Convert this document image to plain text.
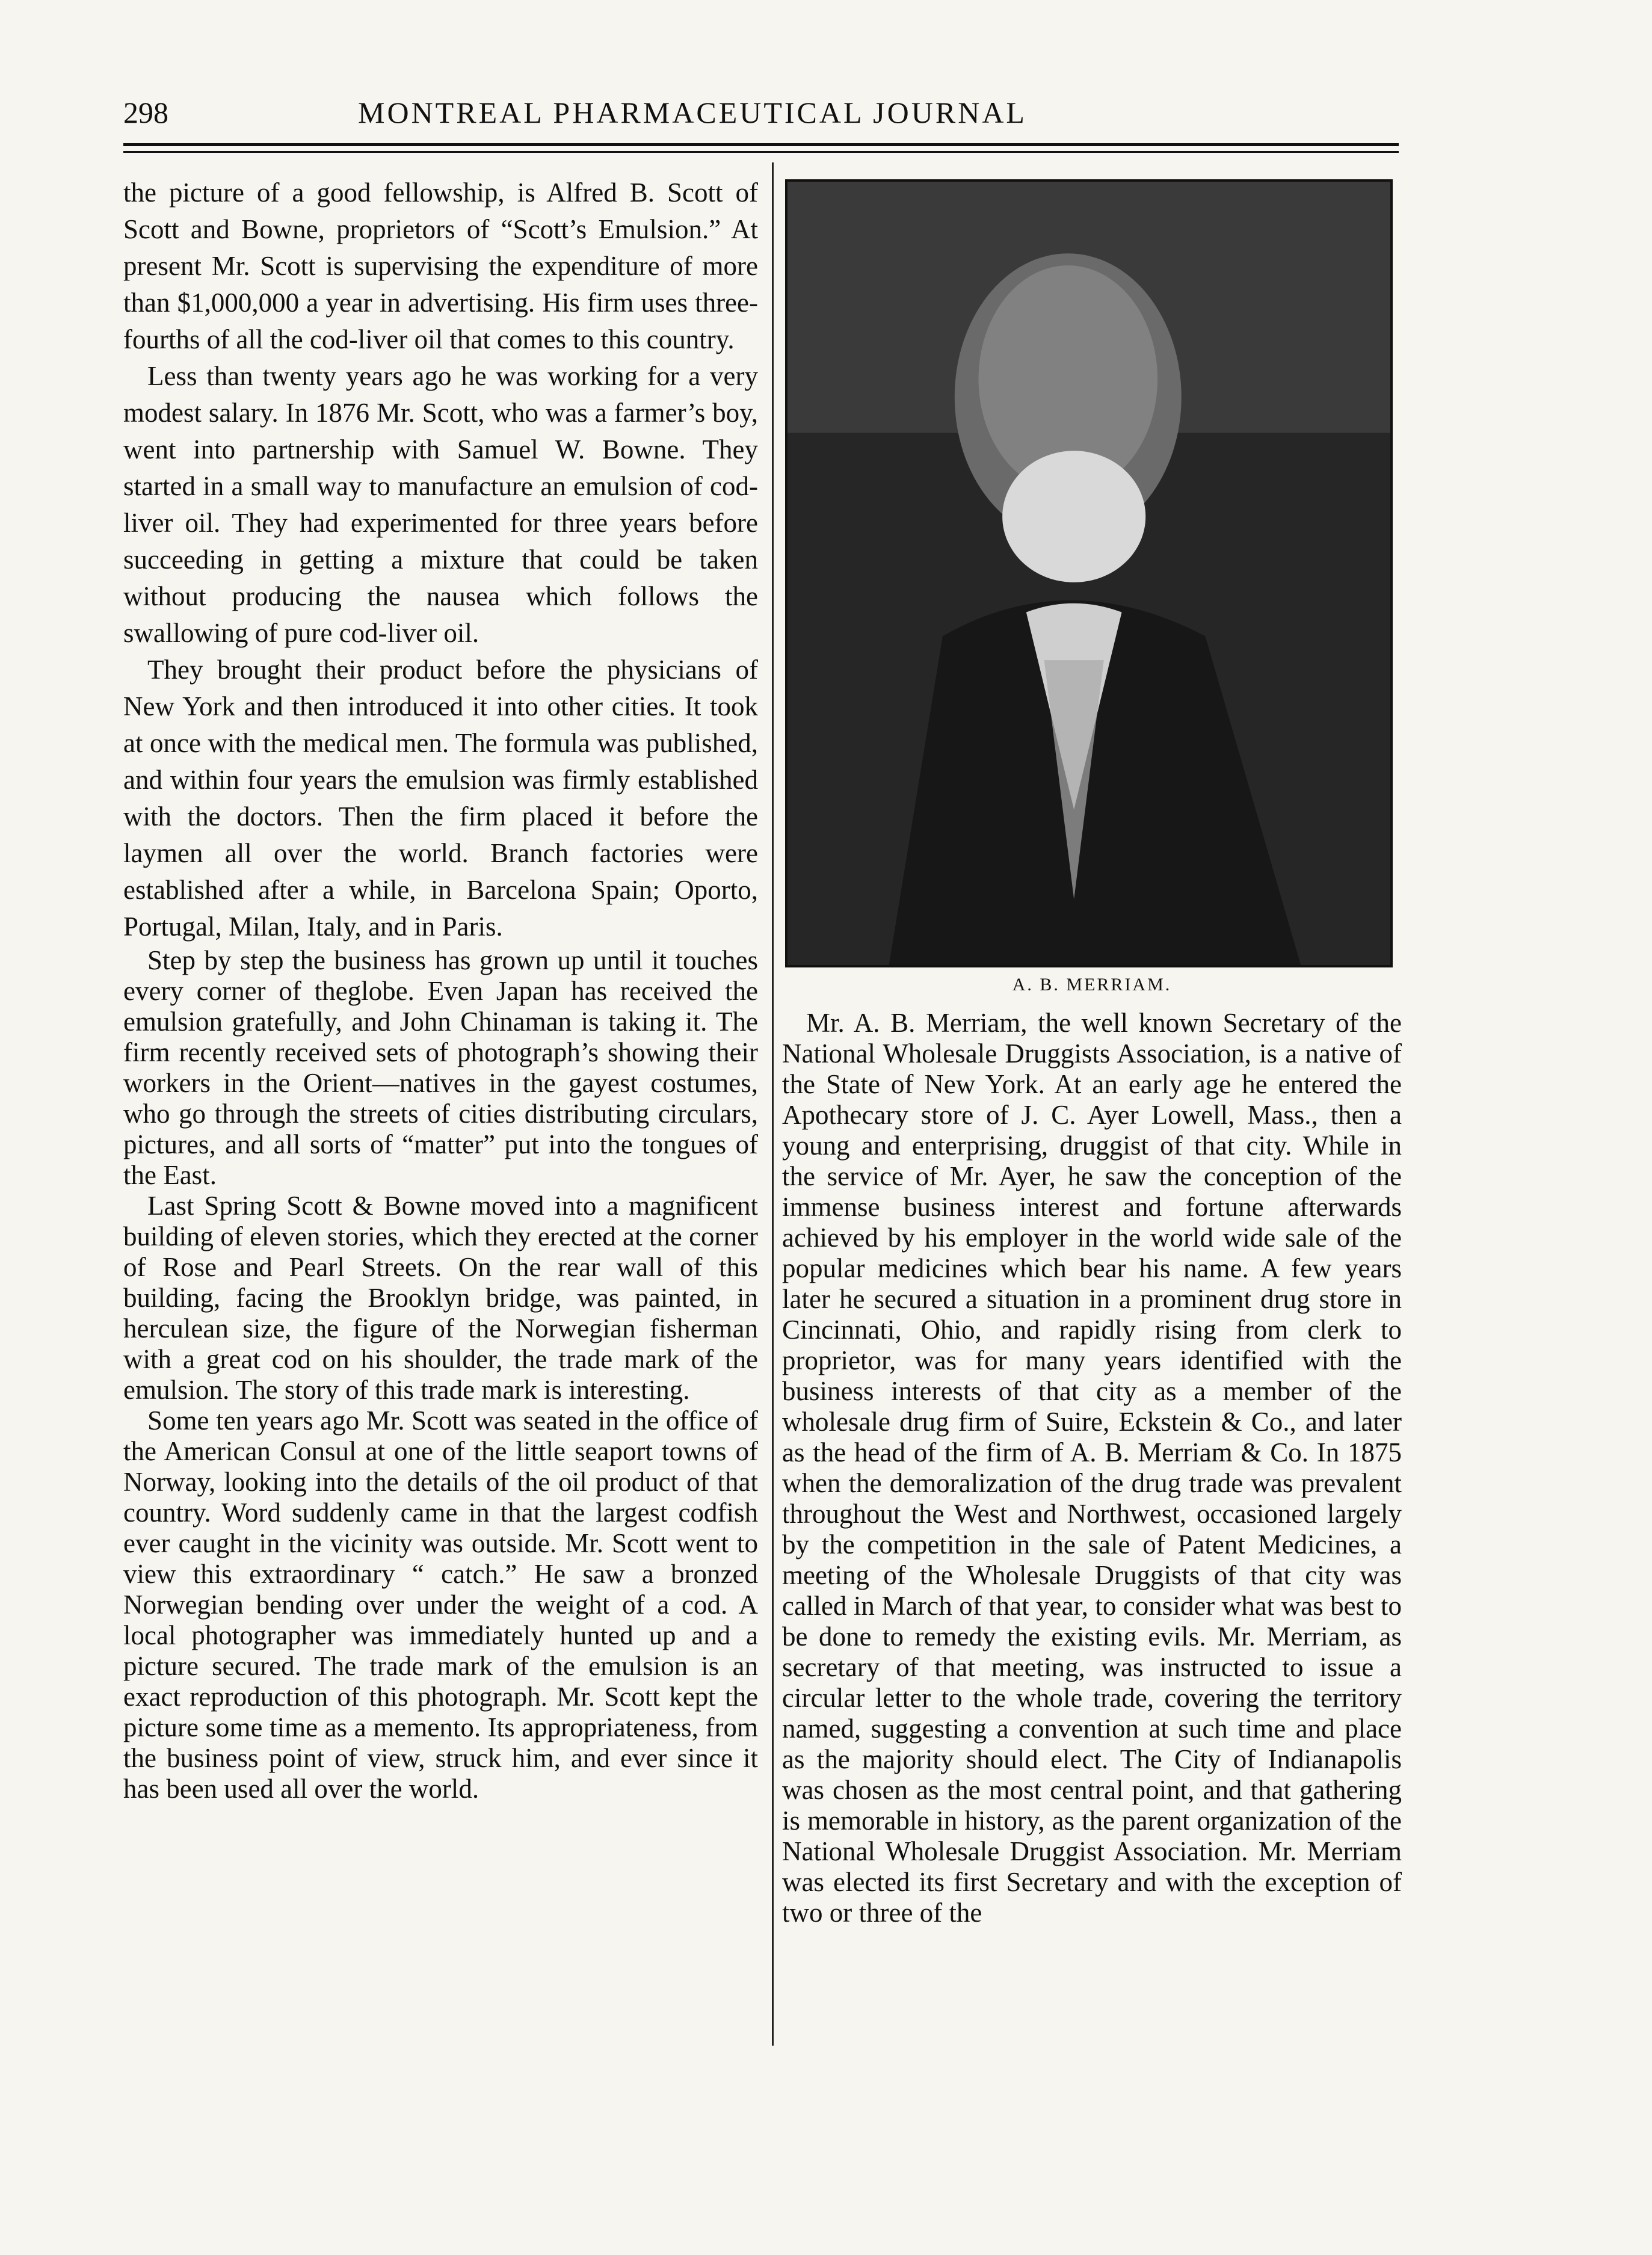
298	MONTREAL PHARMACEUTICAL JOURNAL

the picture of a good fellowship, is Alfred B. Scott of Scott and Bowne, proprietors of “Scott’s Emulsion.” At present Mr. Scott is supervising the expenditure of more than $1,000,000 a year in advertising. His firm uses three-fourths of all the cod-liver oil that comes to this country.

Less than twenty years ago he was working for a very modest salary. In 1876 Mr. Scott, who was a farmer’s boy, went into partnership with Samuel W. Bowne. They started in a small way to manufacture an emulsion of cod-liver oil. They had experimented for three years before succeeding in getting a mixture that could be taken without producing the nausea which follows the swallowing of pure cod-liver oil.

They brought their product before the physicians of New York and then introduced it into other cities. It took at once with the medical men. The formula was published, and within four years the emulsion was firmly established with the doctors. Then the firm placed it before the laymen all over the world. Branch factories were established after a while, in Barcelona Spain; Oporto, Portugal, Milan, Italy, and in Paris.

Step by step the business has grown up until it touches every corner of theglobe. Even Japan has received the emulsion gratefully, and John Chinaman is taking it. The firm recently received sets of photograph’s showing their workers in the Orient—natives in the gayest costumes, who go through the streets of cities distributing circulars, pictures, and all sorts of “matter” put into the tongues of the East.

Last Spring Scott & Bowne moved into a magnificent building of eleven stories, which they erected at the corner of Rose and Pearl Streets. On the rear wall of this building, facing the Brooklyn bridge, was painted, in herculean size, the figure of the Norwegian fisherman with a great cod on his shoulder, the trade mark of the emulsion. The story of this trade mark is interesting.

Some ten years ago Mr. Scott was seated in the office of the American Consul at one of the little seaport towns of Norway, looking into the details of the oil product of that country. Word suddenly came in that the largest codfish ever caught in the vicinity was outside. Mr. Scott went to view this extraordinary “ catch.” He saw a bronzed Norwegian bending over under the weight of a cod. A local photographer was immediately hunted up and a picture secured. The trade mark of the emulsion is an exact reproduction of this photograph. Mr. Scott kept the picture some time as a memento. Its appropriateness, from the business point of view, struck him, and ever since it has been used all over the world.

A. B. MERRIAM.

Mr. A. B. Merriam, the well known Secretary of the National Wholesale Druggists Association, is a native of the State of New York. At an early age he entered the Apothecary store of J. C. Ayer Lowell, Mass., then a young and enterprising, druggist of that city. While in the service of Mr. Ayer, he saw the conception of the immense business interest and fortune afterwards achieved by his employer in the world wide sale of the popular medicines which bear his name. A few years later he secured a situation in a prominent drug store in Cincinnati, Ohio, and rapidly rising from clerk to proprietor, was for many years identified with the business interests of that city as a member of the wholesale drug firm of Suire, Eckstein & Co., and later as the head of the firm of A. B. Merriam & Co. In 1875 when the demoralization of the drug trade was prevalent throughout the West and Northwest, occasioned largely by the competition in the sale of Patent Medicines, a meeting of the Wholesale Druggists of that city was called in March of that year, to consider what was best to be done to remedy the existing evils. Mr. Merriam, as secretary of that meeting, was instructed to issue a circular letter to the whole trade, covering the territory named, suggesting a convention at such time and place as the majority should elect. The City of Indianapolis was chosen as the most central point, and that gathering is memorable in history, as the parent organization of the National Wholesale Druggist Association. Mr. Merriam was elected its first Secretary and with the exception of two or three of the
